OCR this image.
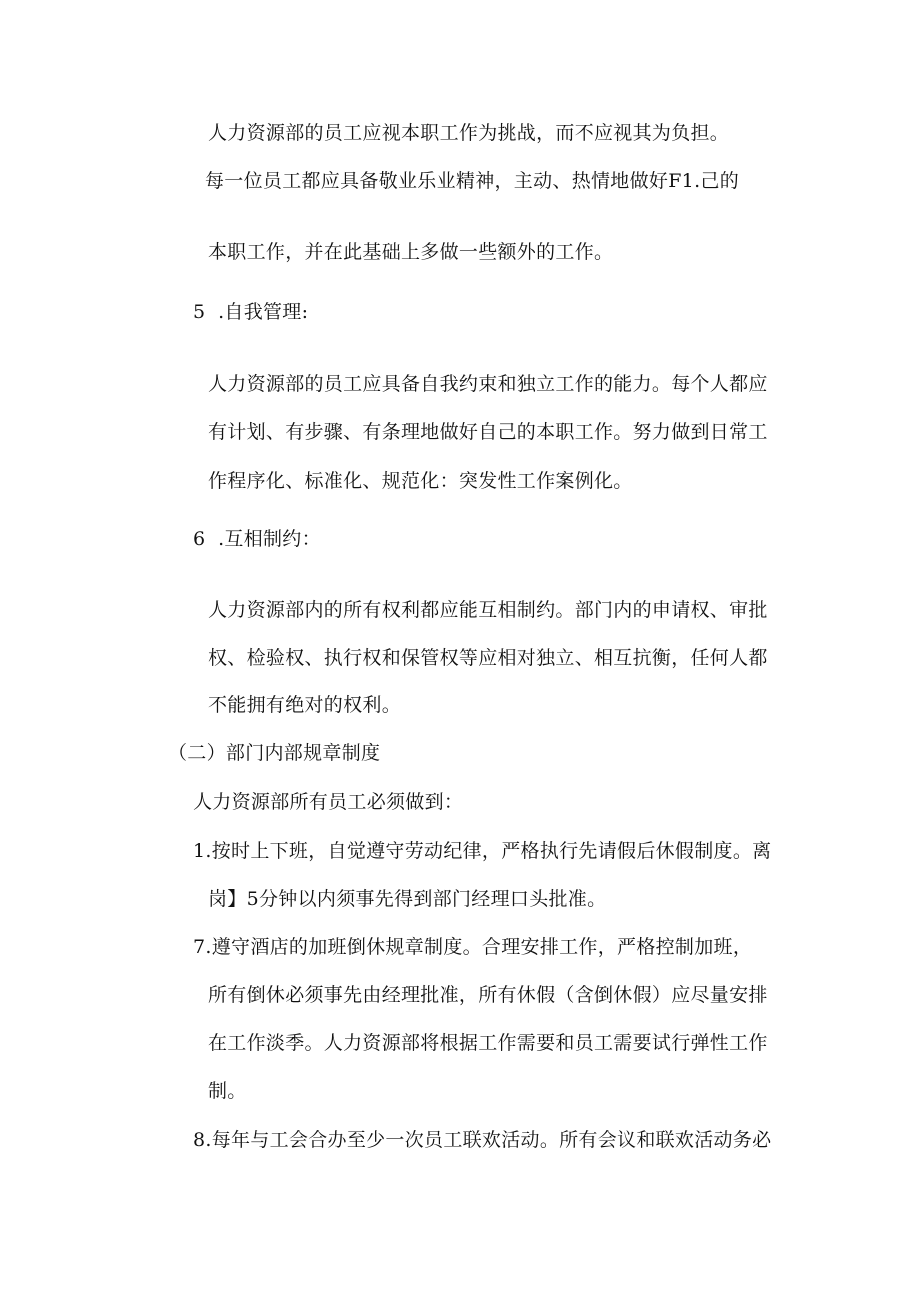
人力资源部的员工应视本职工作为挑战，而不应视其为负担。
每一位员工都应具备敬业乐业精神，主动、热情地做好F1.己的
本职工作，并在此基础上多做一些额外的工作。
5  .自我管理:
人力资源部的员工应具备自我约束和独立工作的能力。每个人都应
有计划、有步骤、有条理地做好自己的本职工作。努力做到日常工
作程序化、标准化、规范化：突发性工作案例化。
6  .互相制约：
人力资源部内的所有权利都应能互相制约。部门内的申请权、审批
权、检验权、执行权和保管权等应相对独立、相互抗衡，任何人都
不能拥有绝对的权利。
（二）部门内部规章制度
人力资源部所有员工必须做到：
1.按时上下班，自觉遵守劳动纪律，严格执行先请假后休假制度。离
岗】5分钟以内须事先得到部门经理口头批准。
7.遵守酒店的加班倒休规章制度。合理安排工作，严格控制加班，
所有倒休必须事先由经理批准，所有休假（含倒休假）应尽量安排
在工作淡季。人力资源部将根据工作需要和员工需要试行弹性工作
制。
8.每年与工会合办至少一次员工联欢活动。所有会议和联欢活动务必
